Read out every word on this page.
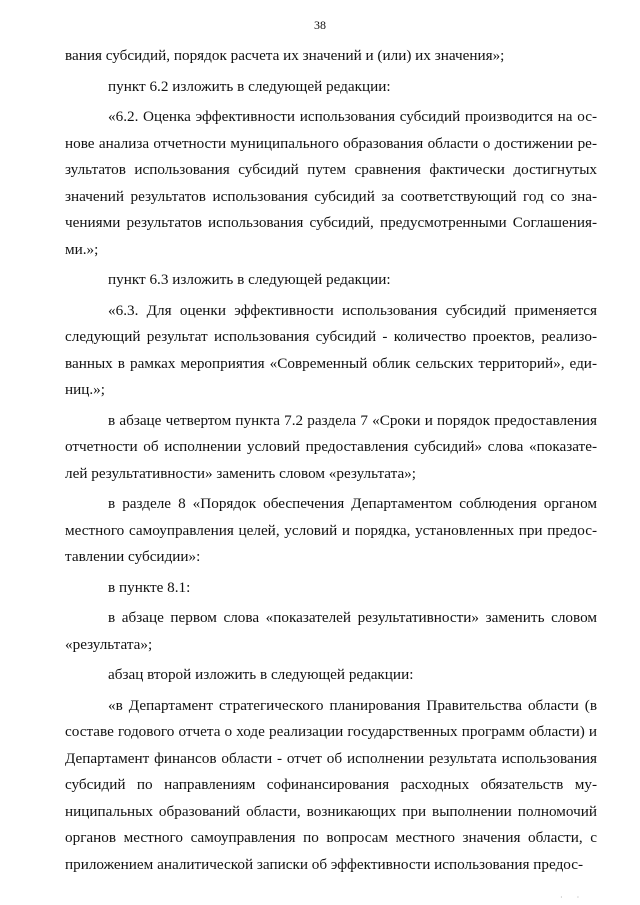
38

вания субсидий, порядок расчета их значений и (или) их значения»;

пункт 6.2 изложить в следующей редакции:

«6.2. Оценка эффективности использования субсидий производится на основе анализа отчетности муниципального образования области о достижении результатов использования субсидий путем сравнения фактически достигнутых значений результатов использования субсидий за соответствующий год со значениями результатов использования субсидий, предусмотренными Соглашениями.»;

пункт 6.3 изложить в следующей редакции:

«6.3. Для оценки эффективности использования субсидий применяется следующий результат использования субсидий - количество проектов, реализованных в рамках мероприятия «Современный облик сельских территорий», единиц.»;

в абзаце четвертом пункта 7.2 раздела 7 «Сроки и порядок предоставления отчетности об исполнении условий предоставления субсидий» слова «показателей результативности» заменить словом «результата»;

в разделе 8 «Порядок обеспечения Департаментом соблюдения органом местного самоуправления целей, условий и порядка, установленных при предоставлении субсидии»:

в пункте 8.1:

в абзаце первом слова «показателей результативности» заменить словом «результата»;

абзац второй изложить в следующей редакции:

«в Департамент стратегического планирования Правительства области (в составе годового отчета о ходе реализации государственных программ области) и Департамент финансов области - отчет об исполнении результата использования субсидий по направлениям софинансирования расходных обязательств муниципальных образований области, возникающих при выполнении полномочий органов местного самоуправления по вопросам местного значения области, с приложением аналитической записки об эффективности использования предос-

· ·
